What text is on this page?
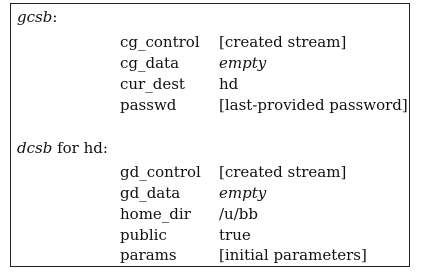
gcsb:
cg_control [created stream]
cg_data	empty
cur_dest hd
passwd	[last-provided password]
dcsb for hd:
gd_control [created stream]
gd_data	empty
home_dir /u/bb
public	true
params	[initial parameters]
